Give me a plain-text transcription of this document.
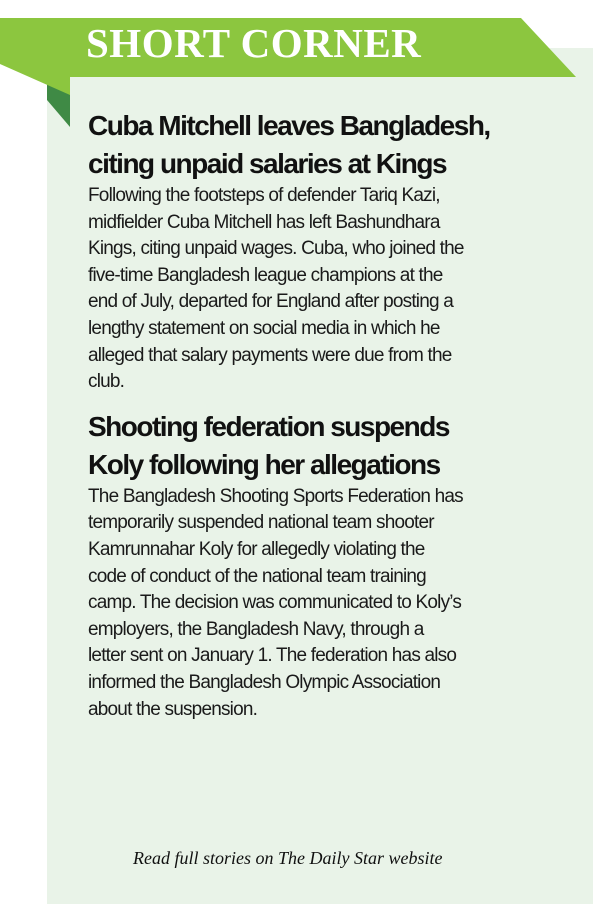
SHORT CORNER
Cuba Mitchell leaves Bangladesh,
citing unpaid salaries at Kings

Following the footsteps of defender Tariq Kazi,
midfielder Cuba Mitchell has left Bashundhara
Kings, citing unpaid wages. Cuba, who joined the
five-time Bangladesh league champions at the
end of July, departed for England after posting a
lengthy statement on social media in which he
alleged that salary payments were due from the
club.

Shooting federation suspends
Koly following her allegations

The Bangladesh Shooting Sports Federation has
temporarily suspended national team shooter
Kamrunnahar Koly for allegedly violating the
code of conduct of the national team training
camp. The decision was communicated to Koly’s
employers, the Bangladesh Navy, through a
letter sent on January 1. The federation has also
informed the Bangladesh Olympic Association
about the suspension.

Read full stories on The Daily Star website
